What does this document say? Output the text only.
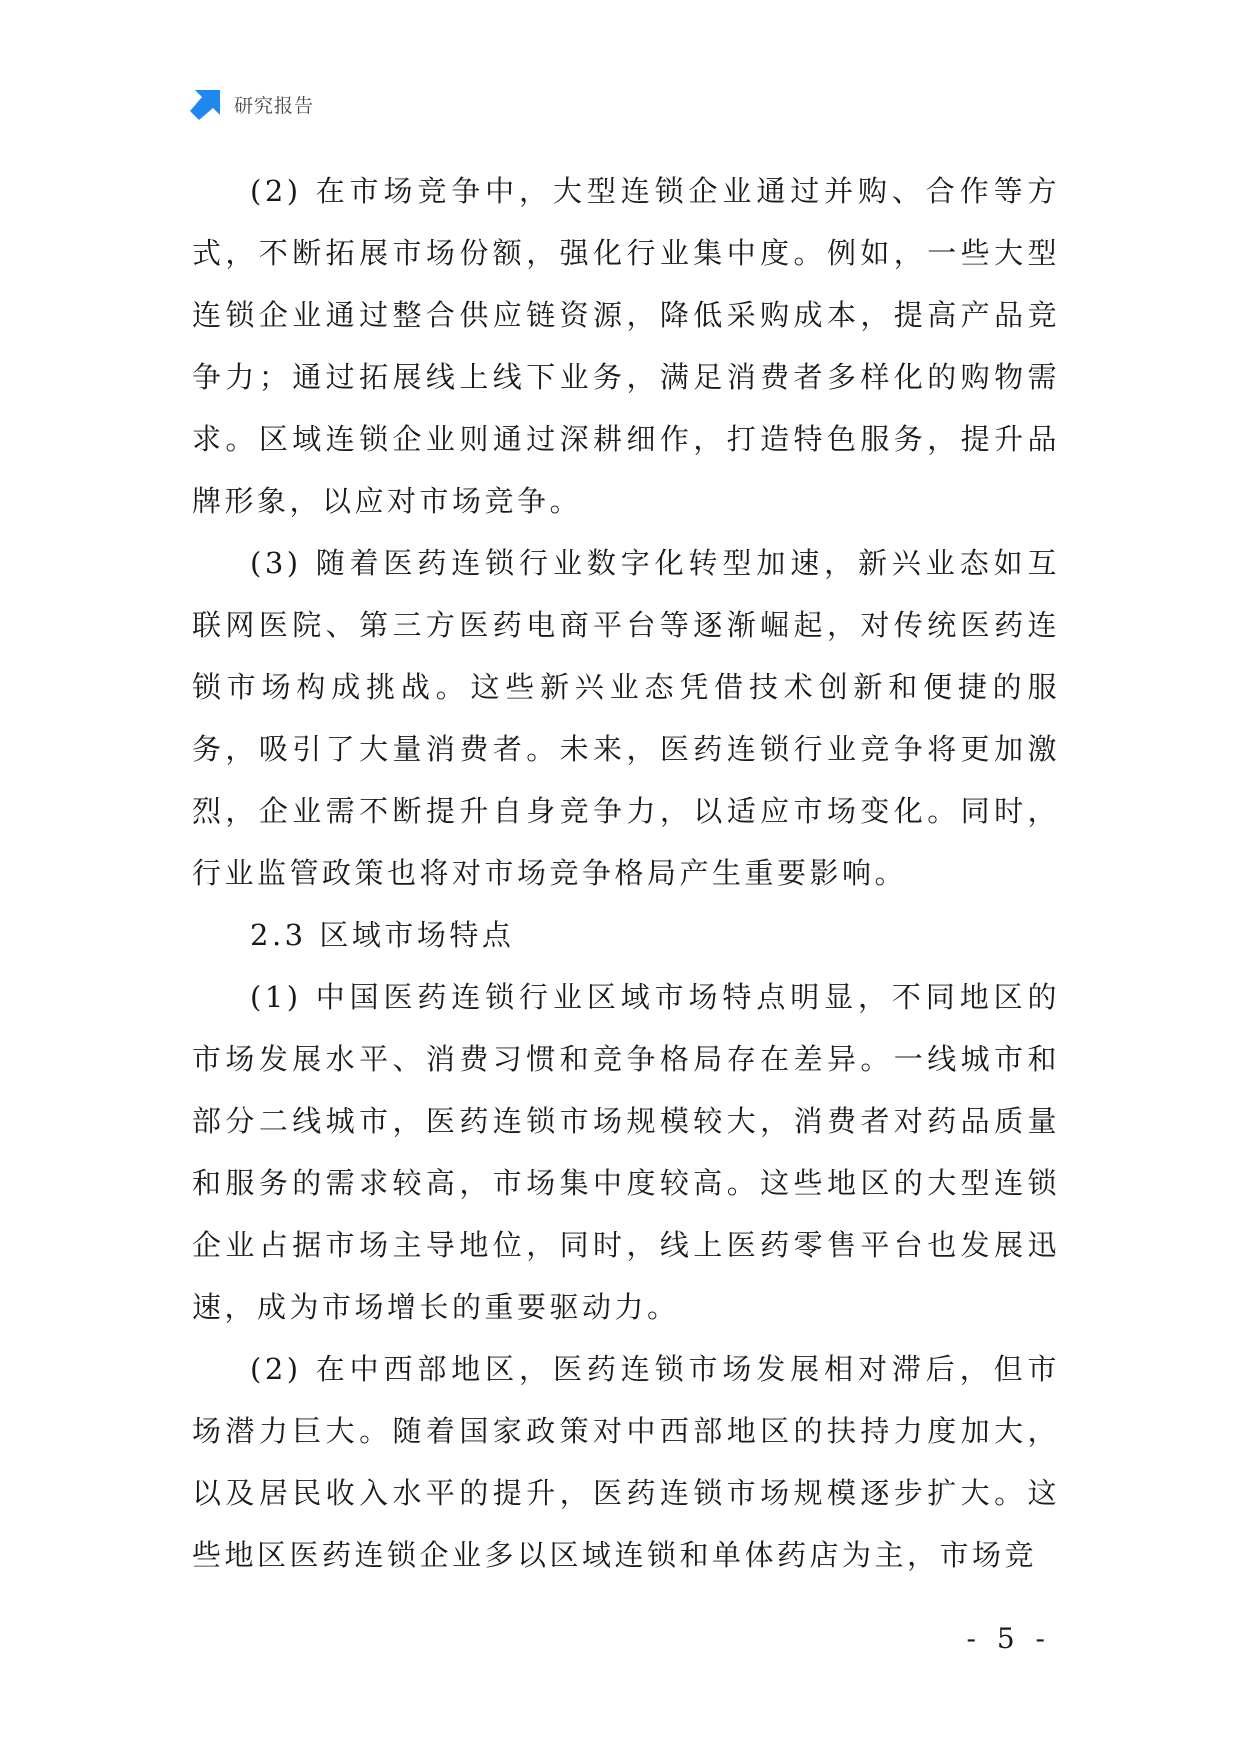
研究报告

(2) 在市场竞争中，大型连锁企业通过并购、合作等方式，不断拓展市场份额，强化行业集中度。例如，一些大型连锁企业通过整合供应链资源，降低采购成本，提高产品竞争力；通过拓展线上线下业务，满足消费者多样化的购物需求。区域连锁企业则通过深耕细作，打造特色服务，提升品牌形象，以应对市场竞争。

(3) 随着医药连锁行业数字化转型加速，新兴业态如互联网医院、第三方医药电商平台等逐渐崛起，对传统医药连锁市场构成挑战。这些新兴业态凭借技术创新和便捷的服务，吸引了大量消费者。未来，医药连锁行业竞争将更加激烈，企业需不断提升自身竞争力，以适应市场变化。同时，行业监管政策也将对市场竞争格局产生重要影响。

2.3 区域市场特点

(1) 中国医药连锁行业区域市场特点明显，不同地区的市场发展水平、消费习惯和竞争格局存在差异。一线城市和部分二线城市，医药连锁市场规模较大，消费者对药品质量和服务的需求较高，市场集中度较高。这些地区的大型连锁企业占据市场主导地位，同时，线上医药零售平台也发展迅速，成为市场增长的重要驱动力。

(2) 在中西部地区，医药连锁市场发展相对滞后，但市场潜力巨大。随着国家政策对中西部地区的扶持力度加大，以及居民收入水平的提升，医药连锁市场规模逐步扩大。这些地区医药连锁企业多以区域连锁和单体药店为主，市场竞

- 5 -
